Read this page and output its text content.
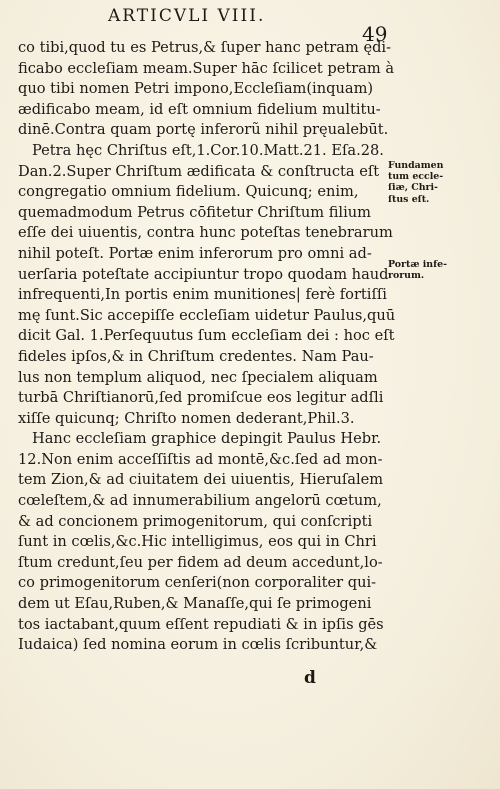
ARTICVLI VIII.
49
co tibi,quod tu es Petrus,& ſuper hanc petram ędi-
ficabo eccleſiam meam.Super hāc ſcilicet petram à
quo tibi nomen Petri impono,Eccleſiam(inquam)
ædificabo meam, id eſt omnium fidelium multitu-
dinē.Contra quam portę inferorũ nihil pręualebūt.
Petra hęc Chriſtus eſt,1.Cor.10.Matt.21. Eſa.28.
Dan.2.Super Chriſtum ædificata & conſtructa eſt
congregatio omnium fidelium. Quicunq; enim,
quemadmodum Petrus cōfitetur Chriſtum filium
eſſe dei uiuentis, contra hunc poteſtas tenebrarum
nihil poteſt. Portæ enim inferorum pro omni ad-
uerſaria poteſtate accipiuntur tropo quodam haud
infrequenti,In portis enim munitiones| ferè fortiſſi
mę ſunt.Sic accepiſſe eccleſiam uidetur Paulus,quū
dicit Gal. 1.Perſequutus ſum eccleſiam dei : hoc eſt
fideles ipſos,& in Chriſtum credentes. Nam Pau-
lus non templum aliquod, nec ſpecialem aliquam
turbā Chriſtianorū,ſed promiſcue eos legitur adſli
xiſſe quicunq; Chriſto nomen dederant,Phil.3.
Hanc eccleſiam graphice depingit Paulus Hebr.
12.Non enim acceſſiſtis ad montē,&c.ſed ad mon-
tem Zion,& ad ciuitatem dei uiuentis, Hieruſalem
cœleſtem,& ad innumerabilium angelorū cœtum,
& ad concionem primogenitorum, qui conſcripti
ſunt in cœlis,&c.Hic intelligimus, eos qui in Chri
ſtum credunt,ſeu per fidem ad deum accedunt,lo-
co primogenitorum cenſeri(non corporaliter qui-
dem ut Eſau,Ruben,& Manaſſe,qui ſe primogeni
tos iactabant,quum eſſent repudiati & in ipſis gēs
Iudaica) ſed nomina eorum in cœlis ſcribuntur,&
Fundamen
tum eccle-
ſiæ, Chri-
ſtus eſt.
Portæ infe-
rorum.
d
